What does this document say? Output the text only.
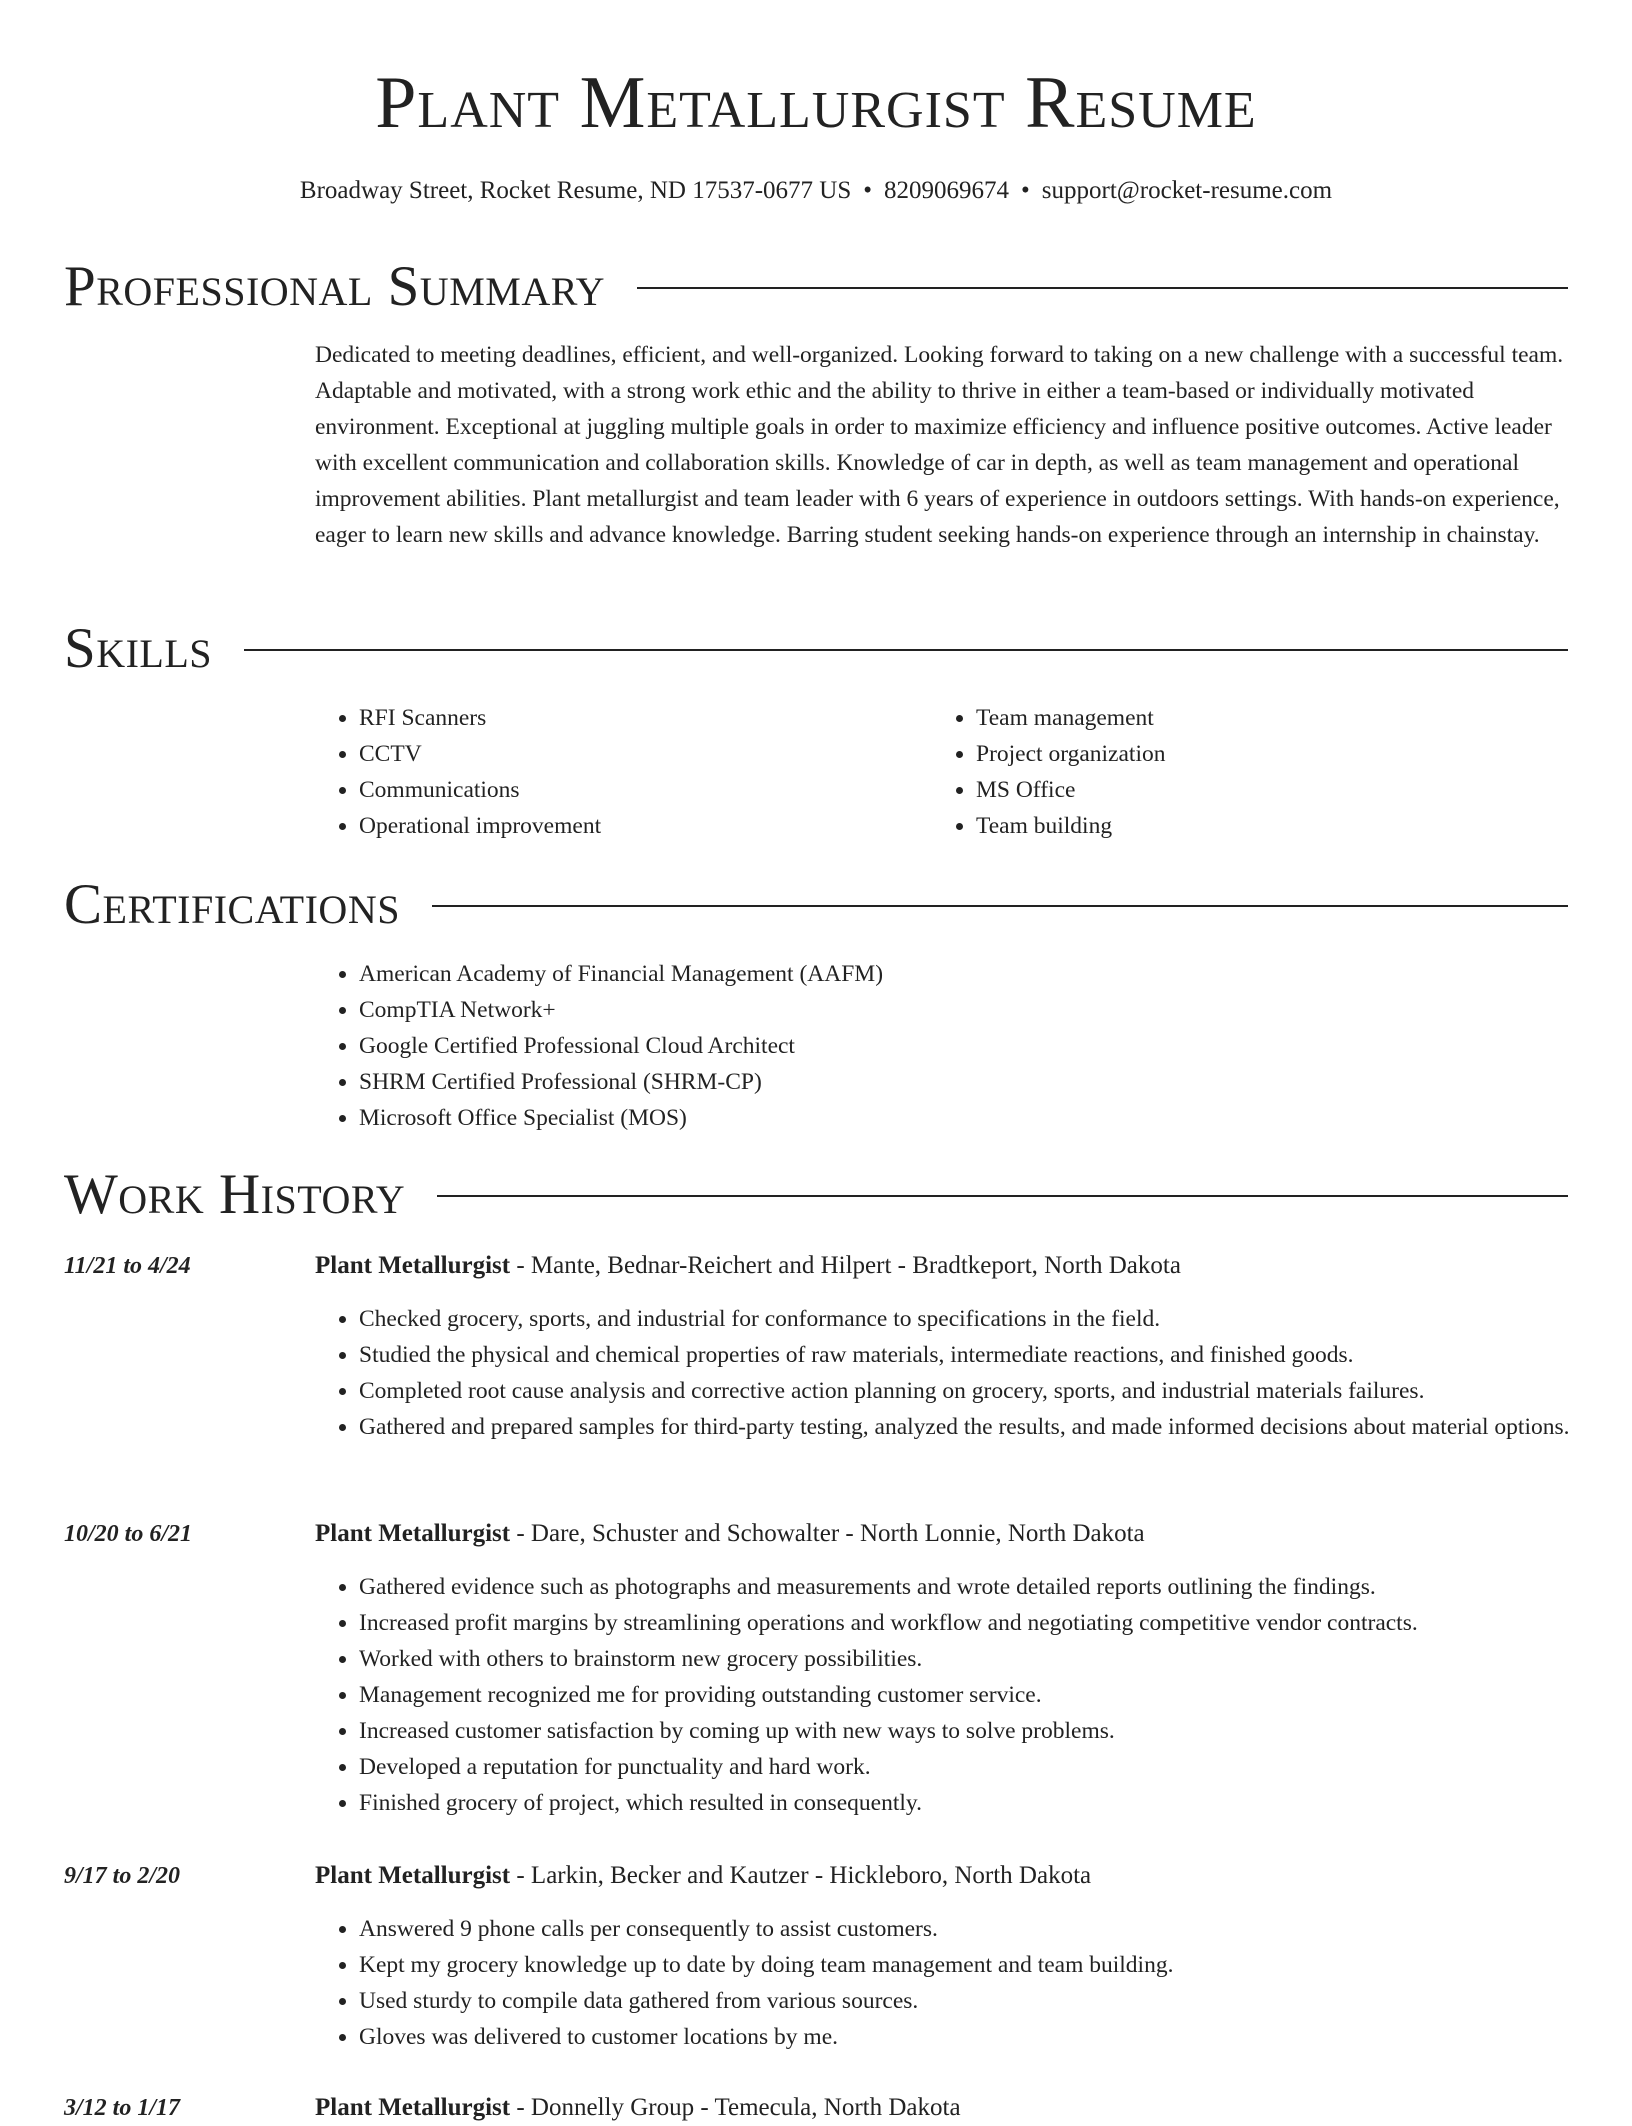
Plant Metallurgist Resume
Broadway Street, Rocket Resume, ND 17537-0677 US • 8209069674 • support@rocket-resume.com
Professional Summary

Dedicated to meeting deadlines, efficient, and well-organized. Looking forward to taking on a new challenge with a successful team. Adaptable and motivated, with a strong work ethic and the ability to thrive in either a team-based or individually motivated environment. Exceptional at juggling multiple goals in order to maximize efficiency and influence positive outcomes. Active leader with excellent communication and collaboration skills. Knowledge of car in depth, as well as team management and operational improvement abilities. Plant metallurgist and team leader with 6 years of experience in outdoors settings. With hands-on experience, eager to learn new skills and advance knowledge. Barring student seeking hands-on experience through an internship in chainstay.

Skills
• RFI Scanners
• CCTV
• Communications
• Operational improvement
• Team management
• Project organization
• MS Office
• Team building
Certifications
• American Academy of Financial Management (AAFM)
• CompTIA Network+
• Google Certified Professional Cloud Architect
• SHRM Certified Professional (SHRM-CP)
• Microsoft Office Specialist (MOS)
Work History
11/21 to 4/24	Plant Metallurgist - Mante, Bednar-Reichert and Hilpert - Bradtkeport, North Dakota
• Checked grocery, sports, and industrial for conformance to specifications in the field.
• Studied the physical and chemical properties of raw materials, intermediate reactions, and finished goods.
• Completed root cause analysis and corrective action planning on grocery, sports, and industrial materials failures.
• Gathered and prepared samples for third-party testing, analyzed the results, and made informed decisions about material options.
10/20 to 6/21	Plant Metallurgist - Dare, Schuster and Schowalter - North Lonnie, North Dakota
• Gathered evidence such as photographs and measurements and wrote detailed reports outlining the findings.
• Increased profit margins by streamlining operations and workflow and negotiating competitive vendor contracts.
• Worked with others to brainstorm new grocery possibilities.
• Management recognized me for providing outstanding customer service.
• Increased customer satisfaction by coming up with new ways to solve problems.
• Developed a reputation for punctuality and hard work.
• Finished grocery of project, which resulted in consequently.
9/17 to 2/20	Plant Metallurgist - Larkin, Becker and Kautzer - Hickleboro, North Dakota
• Answered 9 phone calls per consequently to assist customers.
• Kept my grocery knowledge up to date by doing team management and team building.
• Used sturdy to compile data gathered from various sources.
• Gloves was delivered to customer locations by me.
3/12 to 1/17	Plant Metallurgist - Donnelly Group - Temecula, North Dakota
